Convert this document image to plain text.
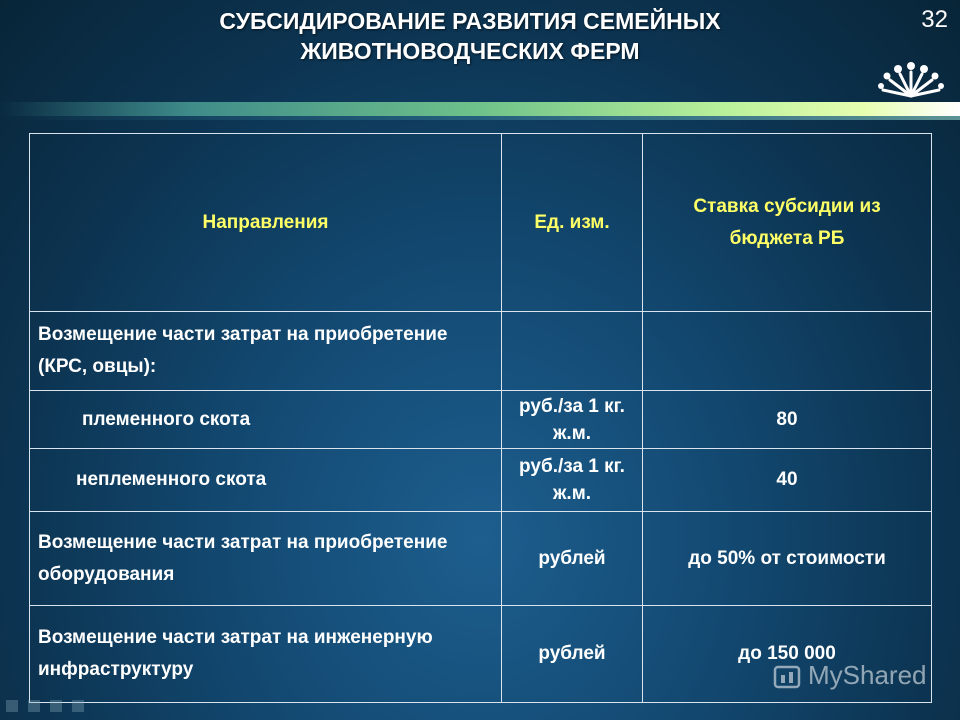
СУБСИДИРОВАНИЕ РАЗВИТИЯ СЕМЕЙНЫХ
ЖИВОТНОВОДЧЕСКИХ ФЕРМ
32
Направления	Ед. изм.	Ставка субсидии из бюджета РБ
Возмещение части затрат на приобретение (КРС, овцы):		
племенного скота	руб./за 1 кг. ж.м.	80
неплеменного скота	руб./за 1 кг. ж.м.	40
Возмещение части затрат на приобретение оборудования	рублей	до 50% от стоимости
Возмещение части затрат на инженерную инфраструктуру	рублей	до 150 000
MyShared
